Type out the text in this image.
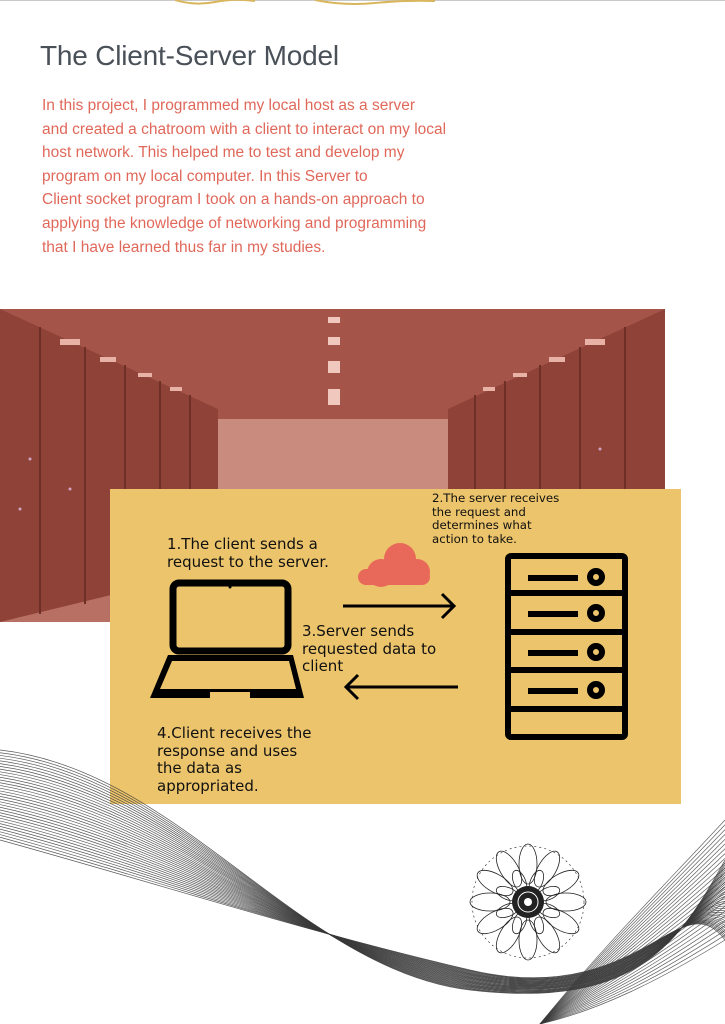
The Client-Server Model

In this project, I programmed my local host as a server
and created a chatroom with a client to interact on my local
host network. This helped me to test and develop my
program on my local computer. In this Server to
Client socket program I took on a hands-on approach to
applying the knowledge of networking and programming
that I have learned thus far in my studies.

1.The client sends a
request to the server.

2.The server receives
the request and
determines what
action to take.

3.Server sends
requested data to
client

4.Client receives the
response and uses
the data as
appropriated.
